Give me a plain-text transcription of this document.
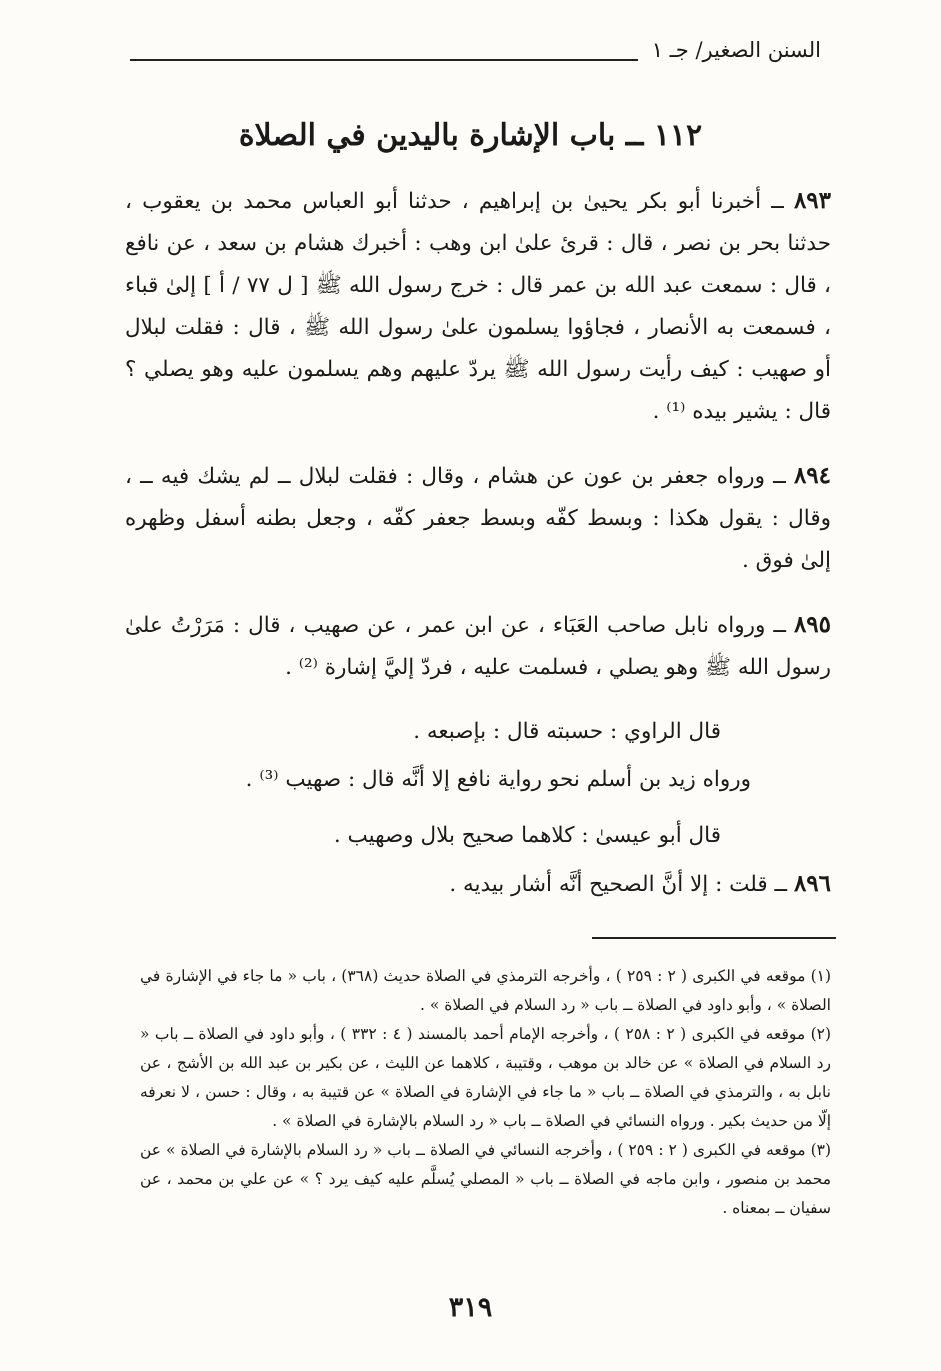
السنن الصغير/ جـ ١
١١٢ ــ باب الإشارة باليدين في الصلاة

٨٩٣ ــ أخبرنا أبو بكر يحيىٰ بن إبراهيم ، حدثنا أبو العباس محمد بن يعقوب ، حدثنا بحر بن نصر ، قال : قرئ علىٰ ابن وهب : أخبرك هشام بن سعد ، عن نافع ، قال : سمعت عبد الله بن عمر قال : خرج رسول الله ﷺ [ ل ٧٧ / أ ] إلىٰ قباء ، فسمعت به الأنصار ، فجاؤوا يسلمون علىٰ رسول الله ﷺ ، قال : فقلت لبلال أو صهيب : كيف رأيت رسول الله ﷺ يردّ عليهم وهم يسلمون عليه وهو يصلي ؟ قال : يشير بيده ⁽¹⁾ .

٨٩٤ ــ ورواه جعفر بن عون عن هشام ، وقال : فقلت لبلال ــ لم يشك فيه ــ ، وقال : يقول هكذا : وبسط كفّه وبسط جعفر كفّه ، وجعل بطنه أسفل وظهره إلىٰ فوق .

٨٩٥ ــ ورواه نابل صاحب العَبَاء ، عن ابن عمر ، عن صهيب ، قال : مَرَرْتُ علىٰ رسول الله ﷺ وهو يصلي ، فسلمت عليه ، فردّ إليَّ إشارة ⁽²⁾ .

قال الراوي : حسبته قال : بإصبعه .

ورواه زيد بن أسلم نحو رواية نافع إلا أنَّه قال : صهيب ⁽³⁾ .

قال أبو عيسىٰ : كلاهما صحيح بلال وصهيب .

٨٩٦ ــ قلت : إلا أنَّ الصحيح أنَّه أشار بيديه .

(١) موقعه في الكبرى ( ٢ : ٢٥٩ ) ، وأخرجه الترمذي في الصلاة حديث (٣٦٨) ، باب « ما جاء في الإشارة في الصلاة » ، وأبو داود في الصلاة ــ باب « رد السلام في الصلاة » .

(٢) موقعه في الكبرى ( ٢ : ٢٥٨ ) ، وأخرجه الإمام أحمد بالمسند ( ٤ : ٣٣٢ ) ، وأبو داود في الصلاة ــ باب « رد السلام في الصلاة » عن خالد بن موهب ، وقتيبة ، كلاهما عن الليث ، عن بكير بن عبد الله بن الأشج ، عن نابل به ، والترمذي في الصلاة ــ باب « ما جاء في الإشارة في الصلاة » عن قتيبة به ، وقال : حسن ، لا نعرفه إلّا من حديث بكير . ورواه النسائي في الصلاة ــ باب « رد السلام بالإشارة في الصلاة » .

(٣) موقعه في الكبرى ( ٢ : ٢٥٩ ) ، وأخرجه النسائي في الصلاة ــ باب « رد السلام بالإشارة في الصلاة » عن محمد بن منصور ، وابن ماجه في الصلاة ــ باب « المصلي يُسلَّم عليه كيف يرد ؟ » عن علي بن محمد ، عن سفيان ــ بمعناه .

٣١٩
